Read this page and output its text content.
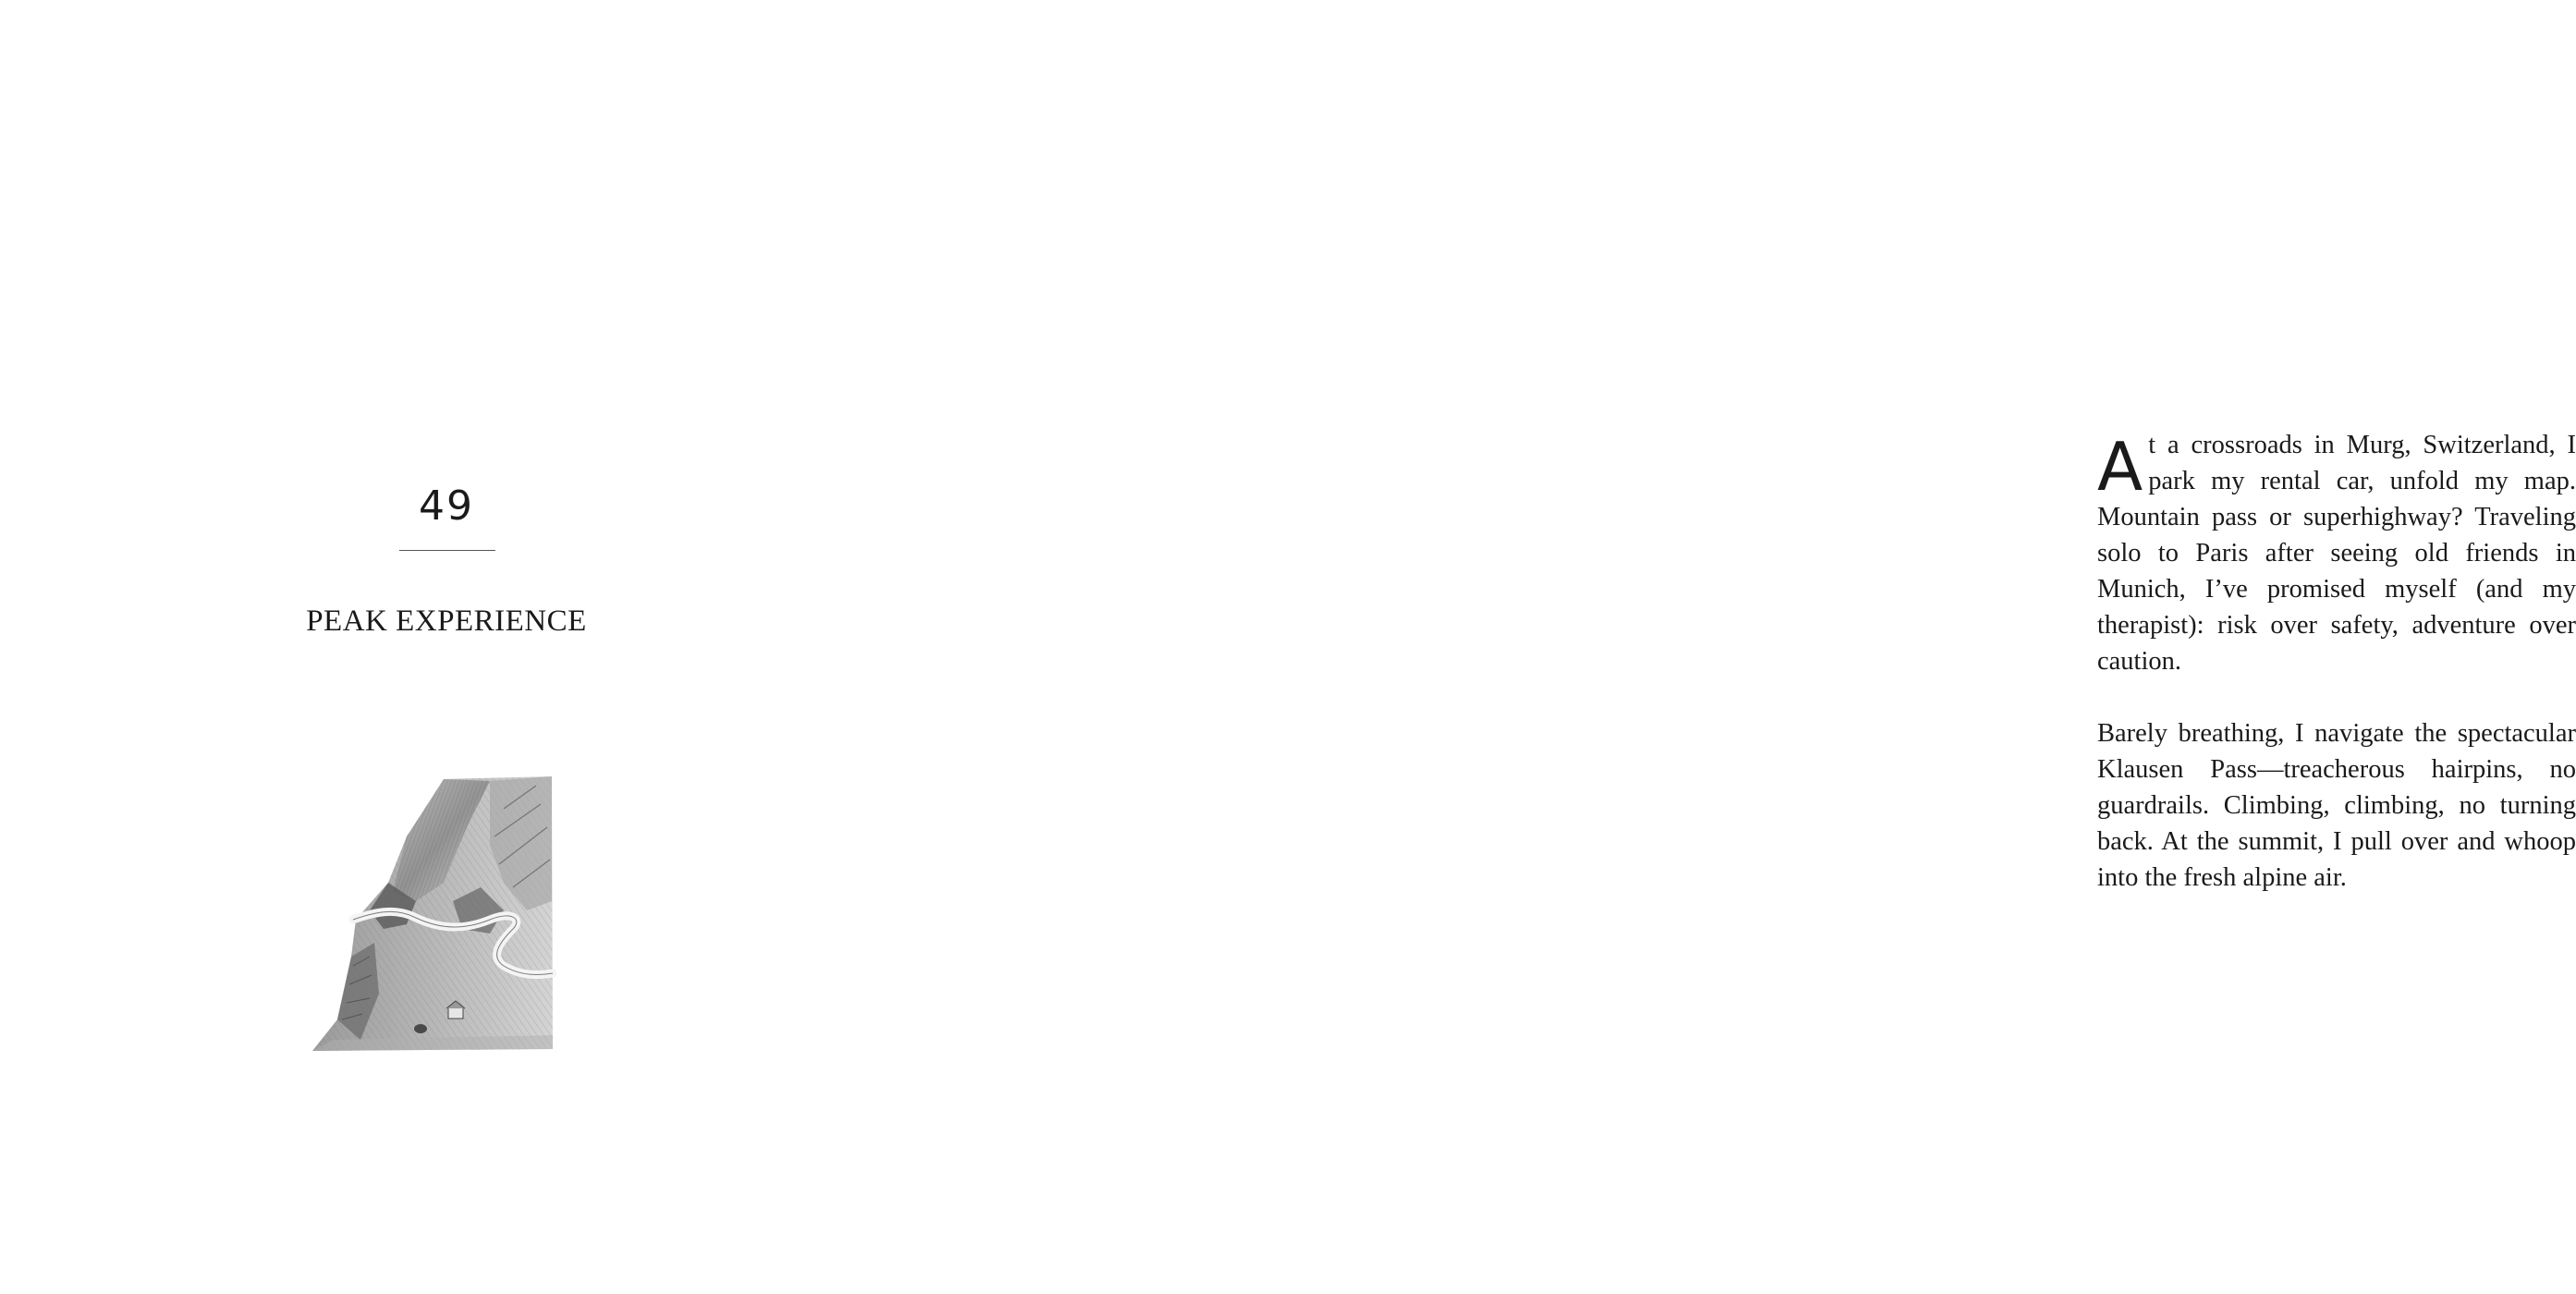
49
PEAK EXPERIENCE

At a crossroads in Murg, Switzerland, I park my rental car, unfold my map. Mountain pass or superhighway? Traveling solo to Paris after seeing old friends in Munich, I’ve promised myself (and my therapist): risk over safety, adventure over caution.

Barely breathing, I navigate the spectacular Klausen Pass—treacherous hairpins, no guardrails. Climbing, climbing, no turning back. At the summit, I pull over and whoop into the fresh alpine air.
